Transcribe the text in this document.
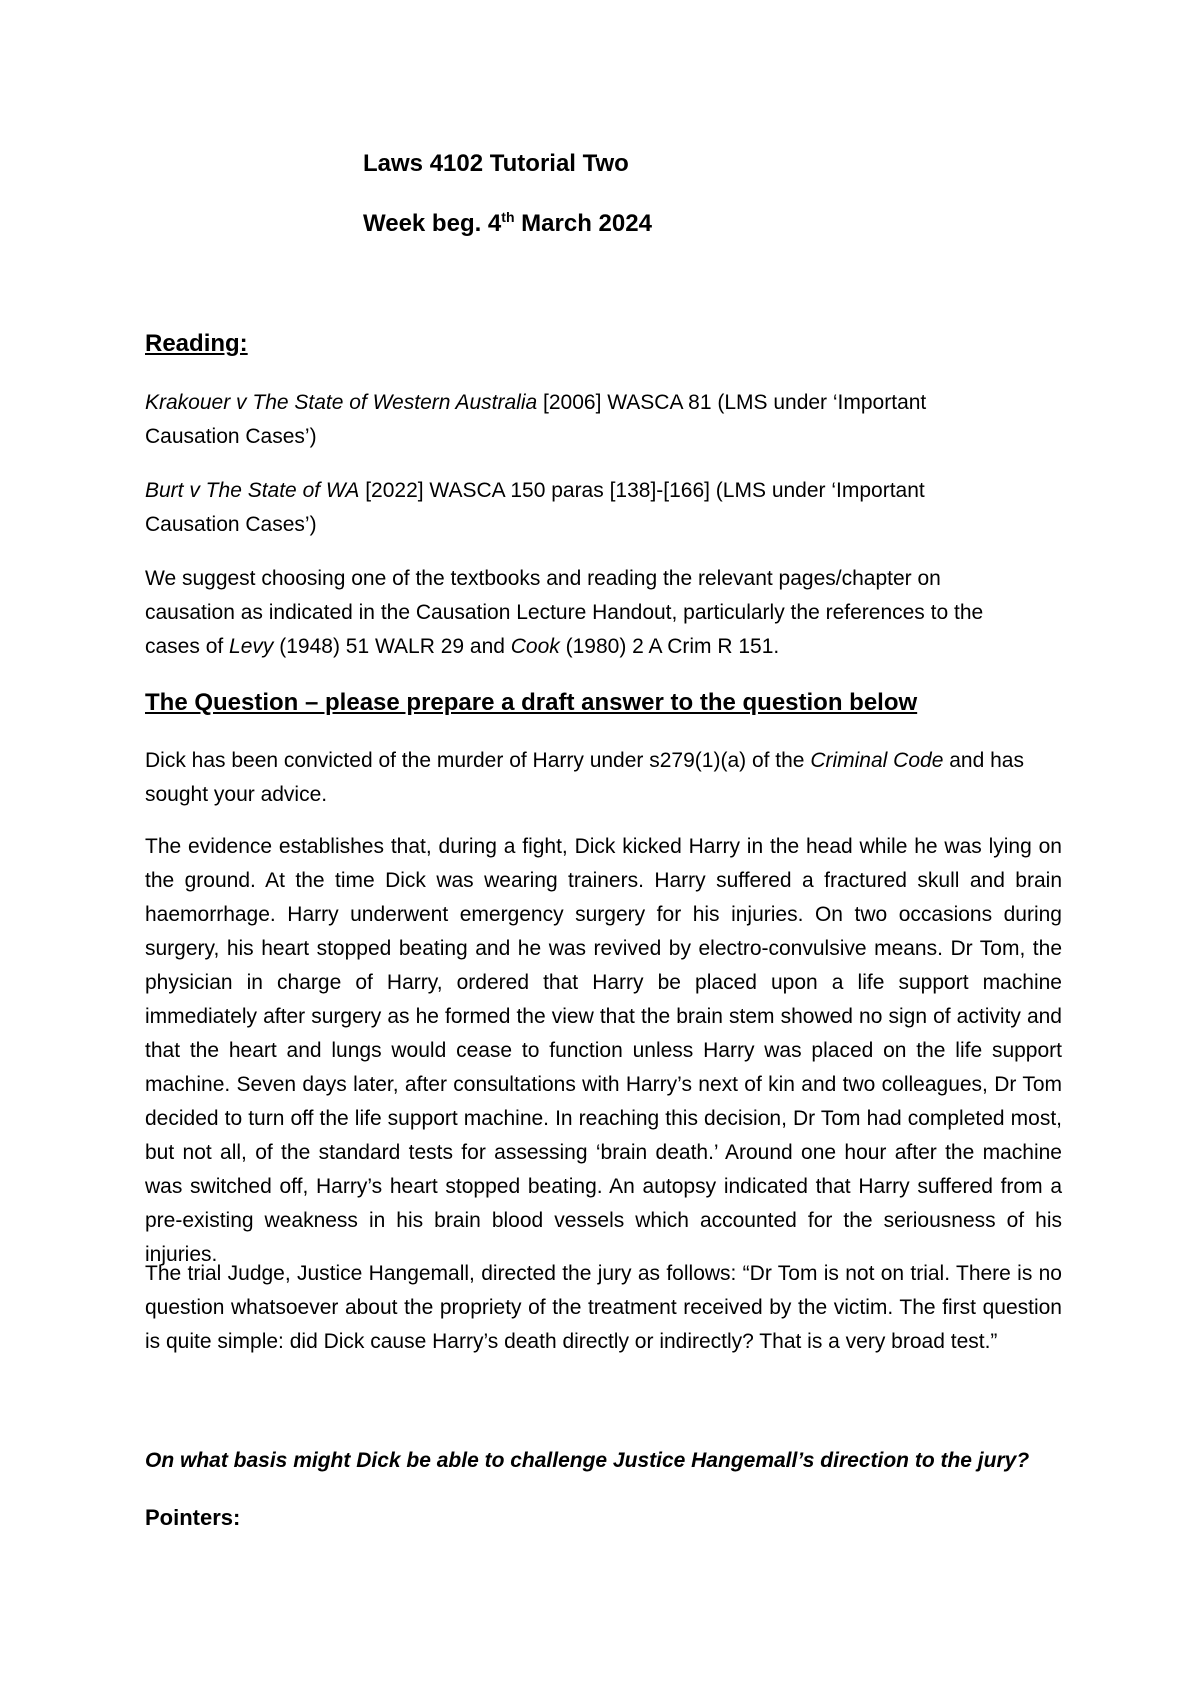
Laws 4102 Tutorial Two

Week beg. 4th March 2024

Reading:

Krakouer v The State of Western Australia [2006] WASCA 81 (LMS under ‘Important
Causation Cases’)

Burt v The State of WA [2022] WASCA 150 paras [138]-[166] (LMS under ‘Important
Causation Cases’)

We suggest choosing one of the textbooks and reading the relevant pages/chapter on
causation as indicated in the Causation Lecture Handout, particularly the references to the
cases of Levy (1948) 51 WALR 29 and Cook (1980) 2 A Crim R 151.

The Question – please prepare a draft answer to the question below

Dick has been convicted of the murder of Harry under s279(1)(a) of the Criminal Code and has sought your advice.

The evidence establishes that, during a fight, Dick kicked Harry in the head while he was lying on the ground. At the time Dick was wearing trainers. Harry suffered a fractured skull and brain haemorrhage. Harry underwent emergency surgery for his injuries. On two occasions during surgery, his heart stopped beating and he was revived by electro-convulsive means. Dr Tom, the physician in charge of Harry, ordered that Harry be placed upon a life support machine immediately after surgery as he formed the view that the brain stem showed no sign of activity and that the heart and lungs would cease to function unless Harry was placed on the life support machine. Seven days later, after consultations with Harry’s next of kin and two colleagues, Dr Tom decided to turn off the life support machine. In reaching this decision, Dr Tom had completed most, but not all, of the standard tests for assessing ‘brain death.’ Around one hour after the machine was switched off, Harry’s heart stopped beating. An autopsy indicated that Harry suffered from a pre-existing weakness in his brain blood vessels which accounted for the seriousness of his injuries.

The trial Judge, Justice Hangemall, directed the jury as follows: “Dr Tom is not on trial. There is no question whatsoever about the propriety of the treatment received by the victim. The first question is quite simple: did Dick cause Harry’s death directly or indirectly? That is a very broad test.”

On what basis might Dick be able to challenge Justice Hangemall’s direction to the jury?

Pointers:
